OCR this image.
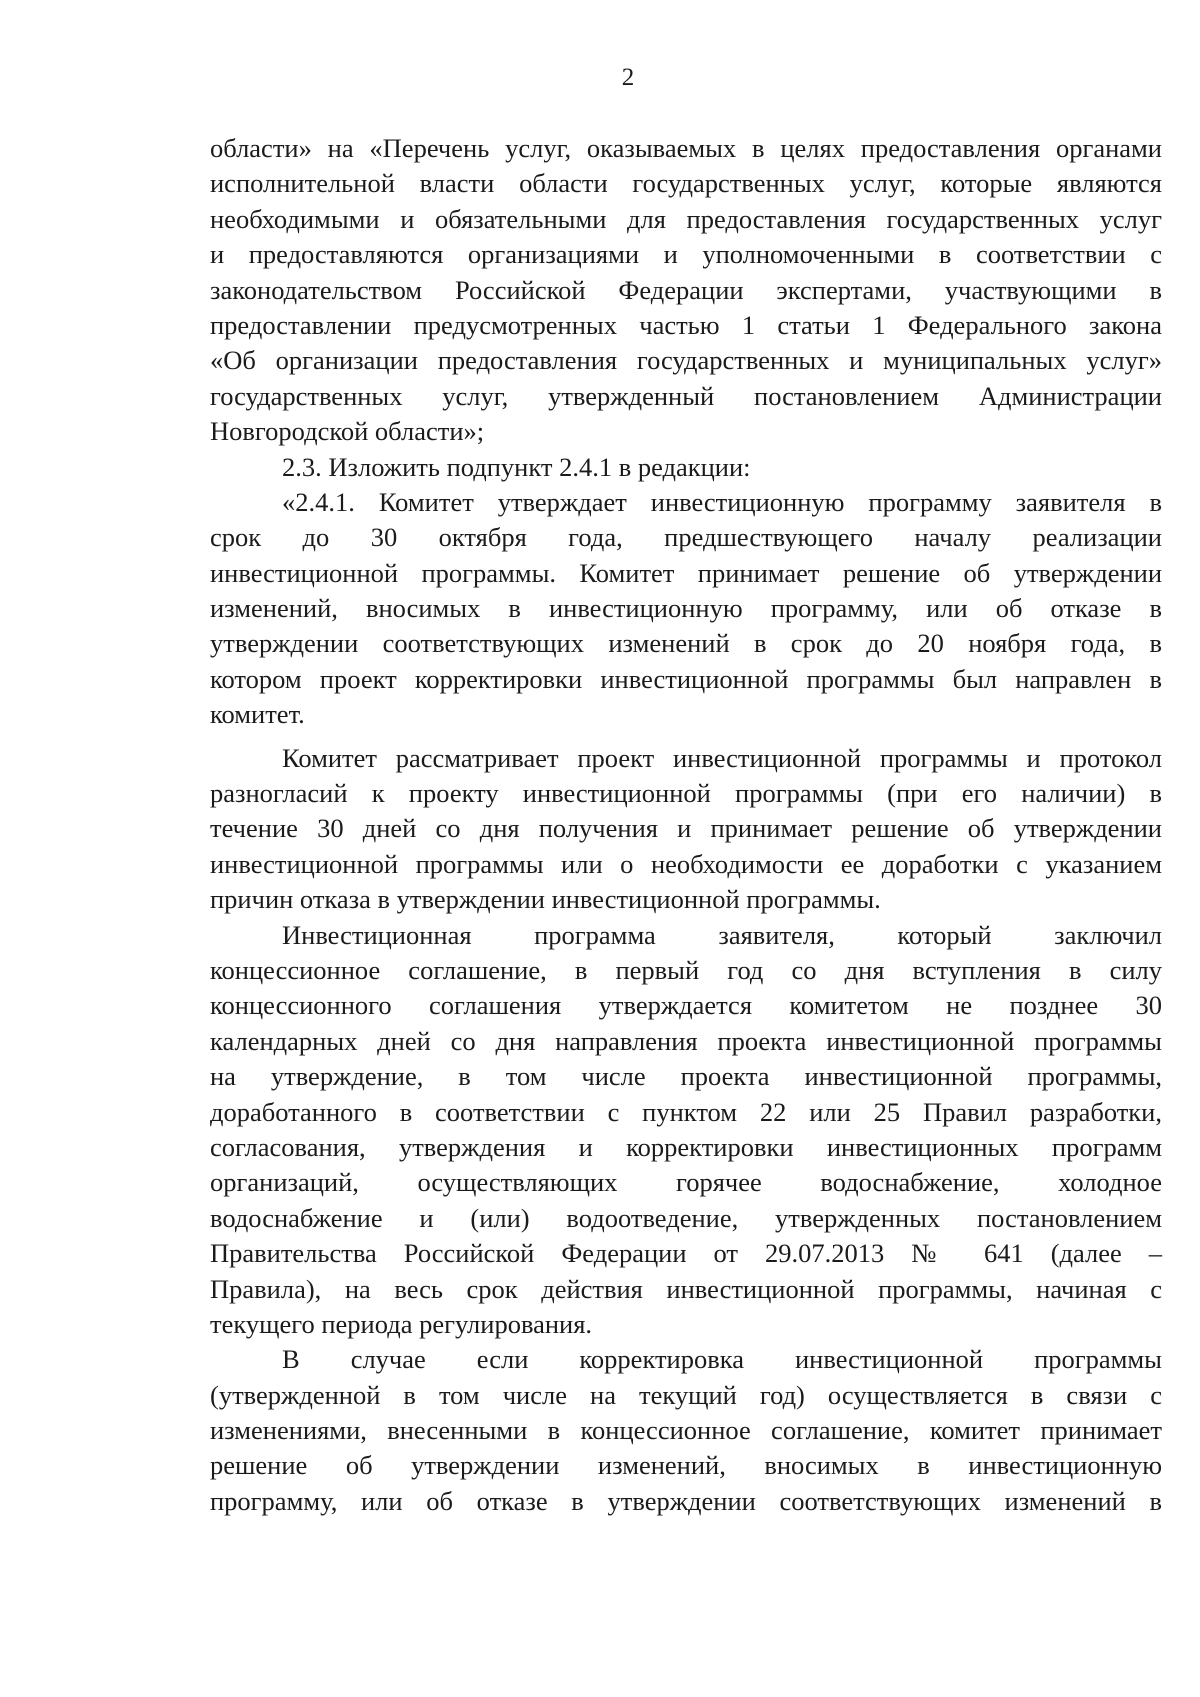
2
области» на «Перечень услуг, оказываемых в целях предоставления органами
исполнительной власти области государственных услуг, которые являются
необходимыми и обязательными для предоставления государственных услуг
и предоставляются организациями и уполномоченными в соответствии с
законодательством Российской Федерации экспертами, участвующими в
предоставлении предусмотренных частью 1 статьи 1 Федерального закона
«Об организации предоставления государственных и муниципальных услуг»
государственных услуг, утвержденный постановлением Администрации
Новгородской области»;
2.3. Изложить подпункт 2.4.1 в редакции:
«2.4.1. Комитет утверждает инвестиционную программу заявителя в
срок до 30 октября года, предшествующего началу реализации
инвестиционной программы. Комитет принимает решение об утверждении
изменений, вносимых в инвестиционную программу, или об отказе в
утверждении соответствующих изменений в срок до 20 ноября года, в
котором проект корректировки инвестиционной программы был направлен в
комитет.
Комитет рассматривает проект инвестиционной программы и протокол
разногласий к проекту инвестиционной программы (при его наличии) в
течение 30 дней со дня получения и принимает решение об утверждении
инвестиционной программы или о необходимости ее доработки с указанием
причин отказа в утверждении инвестиционной программы.
Инвестиционная программа заявителя, который заключил
концессионное соглашение, в первый год со дня вступления в силу
концессионного соглашения утверждается комитетом не позднее 30
календарных дней со дня направления проекта инвестиционной программы
на утверждение, в том числе проекта инвестиционной программы,
доработанного в соответствии с пунктом 22 или 25 Правил разработки,
согласования, утверждения и корректировки инвестиционных программ
организаций, осуществляющих горячее водоснабжение, холодное
водоснабжение и (или) водоотведение, утвержденных постановлением
Правительства Российской Федерации от 29.07.2013 № 641 (далее –
Правила), на весь срок действия инвестиционной программы, начиная с
текущего периода регулирования.
В случае если корректировка инвестиционной программы
(утвержденной в том числе на текущий год) осуществляется в связи с
изменениями, внесенными в концессионное соглашение, комитет принимает
решение об утверждении изменений, вносимых в инвестиционную
программу, или об отказе в утверждении соответствующих изменений в
